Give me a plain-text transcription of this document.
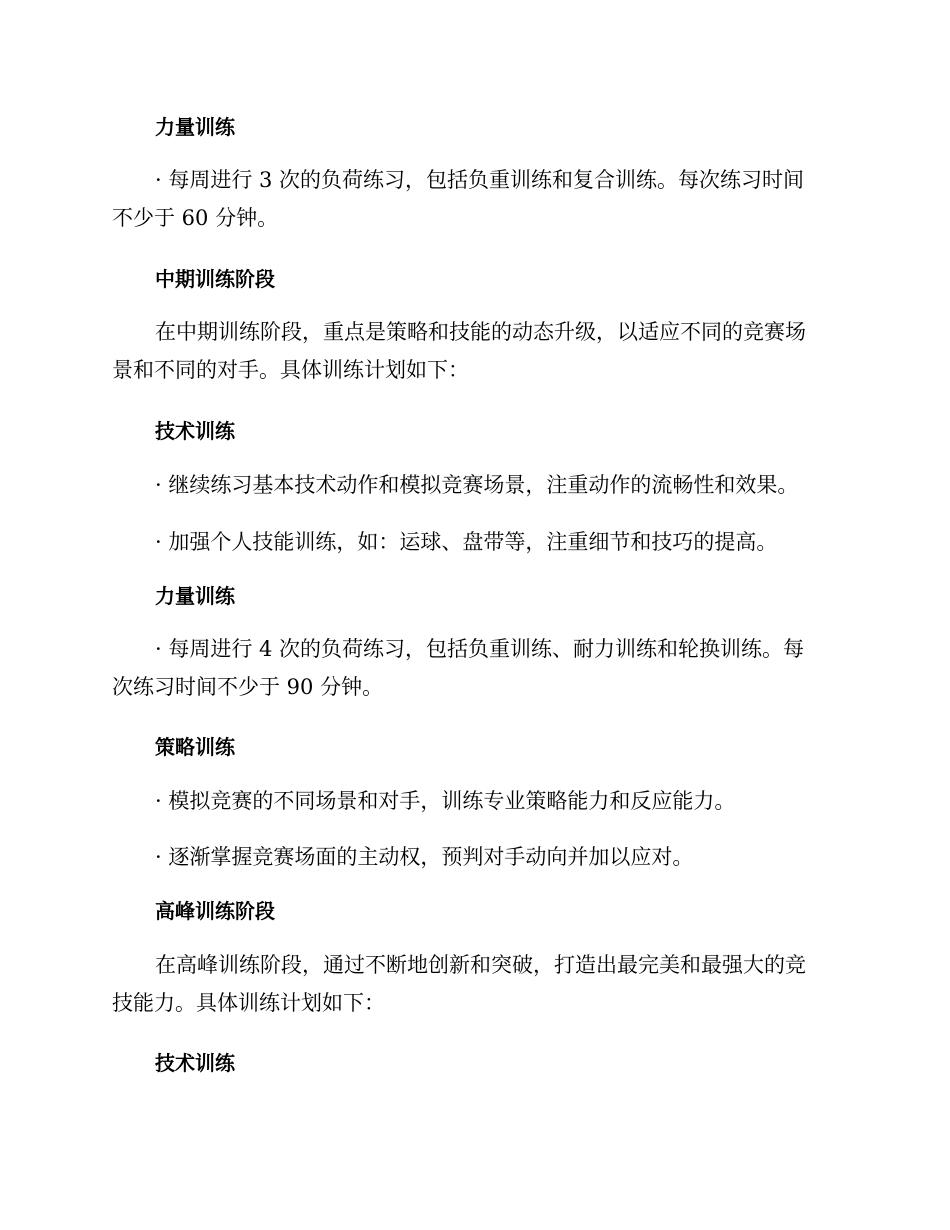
力量训练

· 每周进行 3 次的负荷练习，包括负重训练和复合训练。每次练习时间
不少于 60 分钟。

中期训练阶段

在中期训练阶段，重点是策略和技能的动态升级，以适应不同的竞赛场
景和不同的对手。具体训练计划如下：

技术训练

· 继续练习基本技术动作和模拟竞赛场景，注重动作的流畅性和效果。

· 加强个人技能训练，如：运球、盘带等，注重细节和技巧的提高。

力量训练

· 每周进行 4 次的负荷练习，包括负重训练、耐力训练和轮换训练。每
次练习时间不少于 90 分钟。

策略训练

· 模拟竞赛的不同场景和对手，训练专业策略能力和反应能力。

· 逐渐掌握竞赛场面的主动权，预判对手动向并加以应对。

高峰训练阶段

在高峰训练阶段，通过不断地创新和突破，打造出最完美和最强大的竞
技能力。具体训练计划如下：

技术训练
